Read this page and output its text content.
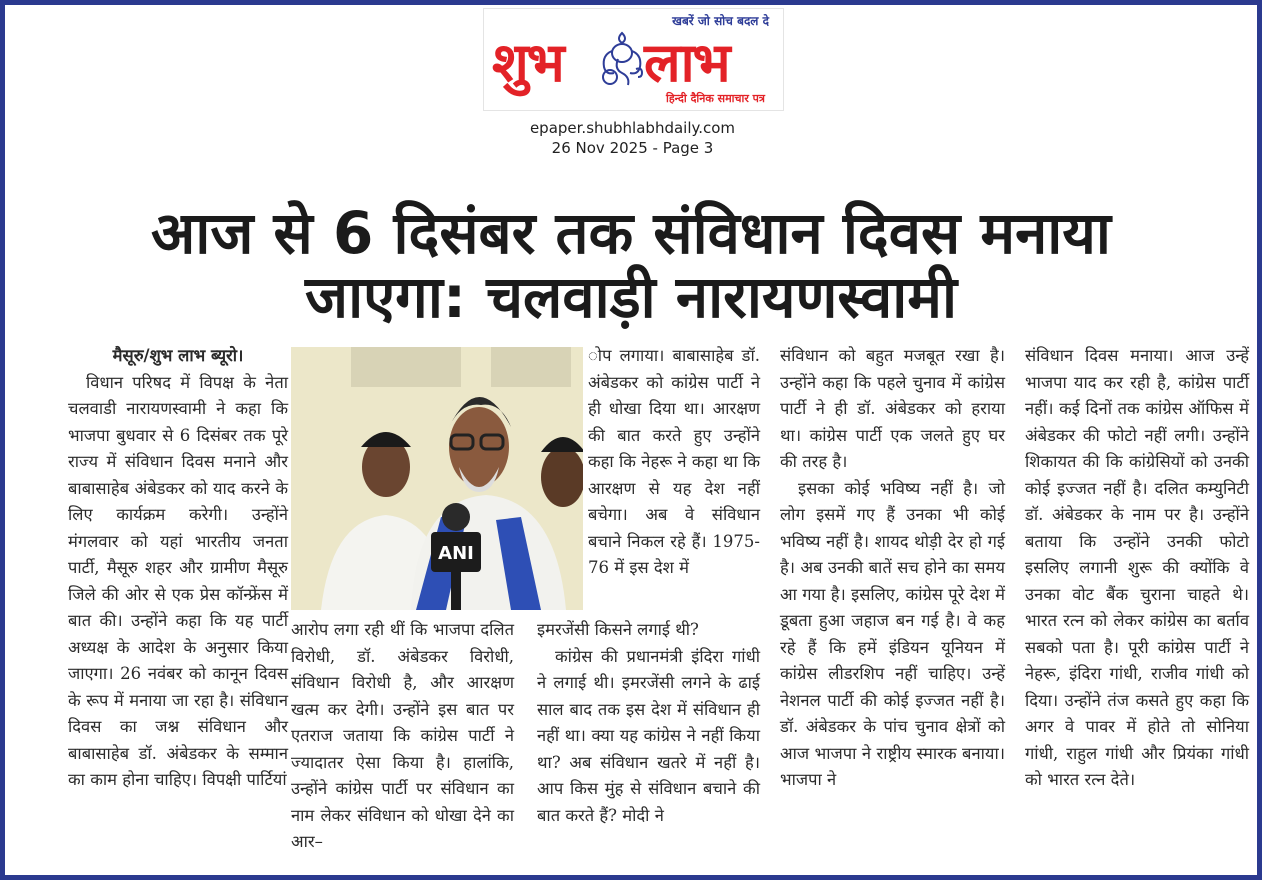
खबरें जो सोच बदल दे
शुभ लाभ
हिन्दी दैनिक समाचार पत्र
epaper.shubhlabhdaily.com
26 Nov 2025 - Page 3
आज से 6 दिसंबर तक संविधान दिवस मनाया
जाएगा: चलवाड़ी नारायणस्वामी

मैसूरु/शुभ लाभ ब्यूरो।

विधान परिषद में विपक्ष के नेता चलवाडी नारायणस्वामी ने कहा कि भाजपा बुधवार से 6 दिसंबर तक पूरे राज्य में संविधान दिवस मनाने और बाबासाहेब अंबेडकर को याद करने के लिए कार्यक्रम करेगी। उन्होंने मंगलवार को यहां भारतीय जनता पार्टी, मैसूरु शहर और ग्रामीण मैसूरु जिले की ओर से एक प्रेस कॉन्फ्रेंस में बात की। उन्होंने कहा कि यह पार्टी अध्यक्ष के आदेश के अनुसार किया जाएगा। 26 नवंबर को कानून दिवस के रूप में मनाया जा रहा है। संविधान दिवस का जश्न संविधान और बाबासाहेब डॉ. अंबेडकर के सम्मान का काम होना चाहिए। विपक्षी पार्टियां

ANI

आरोप लगा रही थीं कि भाजपा दलित विरोधी, डॉ. अंबेडकर विरोधी, संविधान विरोधी है, और आरक्षण खत्म कर देगी। उन्होंने इस बात पर एतराज जताया कि कांग्रेस पार्टी ने ज्यादातर ऐसा किया है। हालांकि, उन्होंने कांग्रेस पार्टी पर संविधान का नाम लेकर संविधान को धोखा देने का आर–

ोप लगाया। बाबासाहेब डॉ. अंबेडकर को कांग्रेस पार्टी ने ही धोखा दिया था। आरक्षण की बात करते हुए उन्होंने कहा कि नेहरू ने कहा था कि आरक्षण से यह देश नहीं बचेगा। अब वे संविधान बचाने निकल रहे हैं। 1975-76 में इस देश में

इमरजेंसी किसने लगाई थी?

कांग्रेस की प्रधानमंत्री इंदिरा गांधी ने लगाई थी। इमरजेंसी लगने के ढाई साल बाद तक इस देश में संविधान ही नहीं था। क्या यह कांग्रेस ने नहीं किया था? अब संविधान खतरे में नहीं है। आप किस मुंह से संविधान बचाने की बात करते हैं? मोदी ने

संविधान को बहुत मजबूत रखा है। उन्होंने कहा कि पहले चुनाव में कांग्रेस पार्टी ने ही डॉ. अंबेडकर को हराया था। कांग्रेस पार्टी एक जलते हुए घर की तरह है।

इसका कोई भविष्य नहीं है। जो लोग इसमें गए हैं उनका भी कोई भविष्य नहीं है। शायद थोड़ी देर हो गई है। अब उनकी बातें सच होने का समय आ गया है। इसलिए, कांग्रेस पूरे देश में डूबता हुआ जहाज बन गई है। वे कह रहे हैं कि हमें इंडियन यूनियन में कांग्रेस लीडरशिप नहीं चाहिए। उन्हें नेशनल पार्टी की कोई इज्जत नहीं है। डॉ. अंबेडकर के पांच चुनाव क्षेत्रों को आज भाजपा ने राष्ट्रीय स्मारक बनाया। भाजपा ने

संविधान दिवस मनाया। आज उन्हें भाजपा याद कर रही है, कांग्रेस पार्टी नहीं। कई दिनों तक कांग्रेस ऑफिस में अंबेडकर की फोटो नहीं लगी। उन्होंने शिकायत की कि कांग्रेसियों को उनकी कोई इज्जत नहीं है। दलित कम्युनिटी डॉ. अंबेडकर के नाम पर है। उन्होंने बताया कि उन्होंने उनकी फोटो इसलिए लगानी शुरू की क्योंकि वे उनका वोट बैंक चुराना चाहते थे। भारत रत्न को लेकर कांग्रेस का बर्ताव सबको पता है। पूरी कांग्रेस पार्टी ने नेहरू, इंदिरा गांधी, राजीव गांधी को दिया। उन्होंने तंज कसते हुए कहा कि अगर वे पावर में होते तो सोनिया गांधी, राहुल गांधी और प्रियंका गांधी को भारत रत्न देते।
